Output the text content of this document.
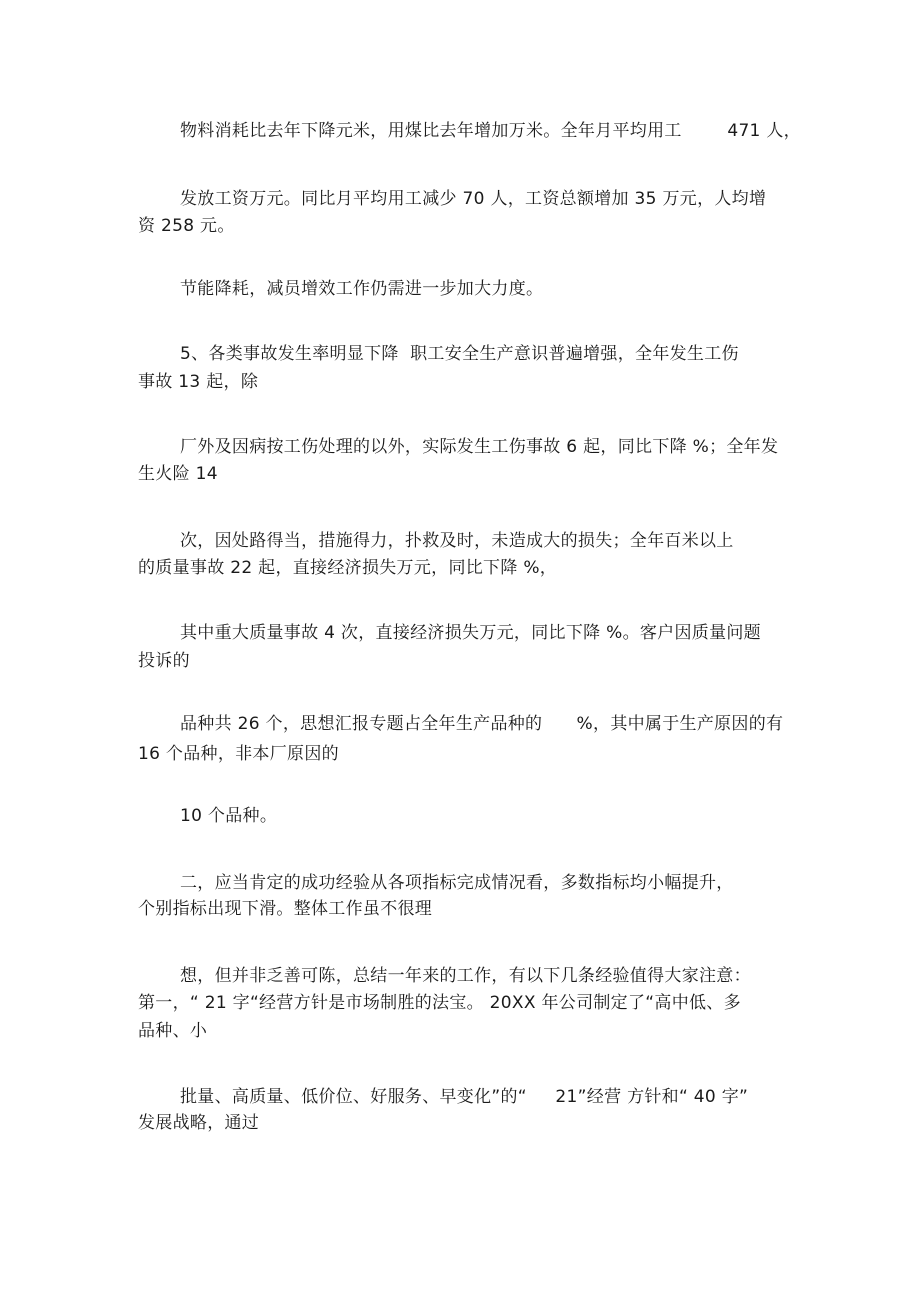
物料消耗比去年下降元米，用煤比去年增加万米。全年月平均用工        471 人，
发放工资万元。同比月平均用工减少 70 人，工资总额增加 35 万元，人均增
资 258 元。
节能降耗，减员增效工作仍需进一步加大力度。
5、各类事故发生率明显下降  职工安全生产意识普遍增强，全年发生工伤
事故 13 起，除
厂外及因病按工伤处理的以外，实际发生工伤事故 6 起，同比下降 %；全年发
生火险 14
次，因处路得当，措施得力，扑救及时，未造成大的损失；全年百米以上
的质量事故 22 起，直接经济损失万元，同比下降 %，
其中重大质量事故 4 次，直接经济损失万元，同比下降 %。客户因质量问题
投诉的
品种共 26 个，思想汇报专题占全年生产品种的      %，其中属于生产原因的有
16 个品种，非本厂原因的
10 个品种。
二，应当肯定的成功经验从各项指标完成情况看，多数指标均小幅提升，
个别指标出现下滑。整体工作虽不很理
想，但并非乏善可陈，总结一年来的工作，有以下几条经验值得大家注意：
第一，“ 21 字“经营方针是市场制胜的法宝。 20XX 年公司制定了“高中低、多
品种、小
批量、高质量、低价位、好服务、早变化”的“     21”经营 方针和“ 40 字”
发展战略，通过
